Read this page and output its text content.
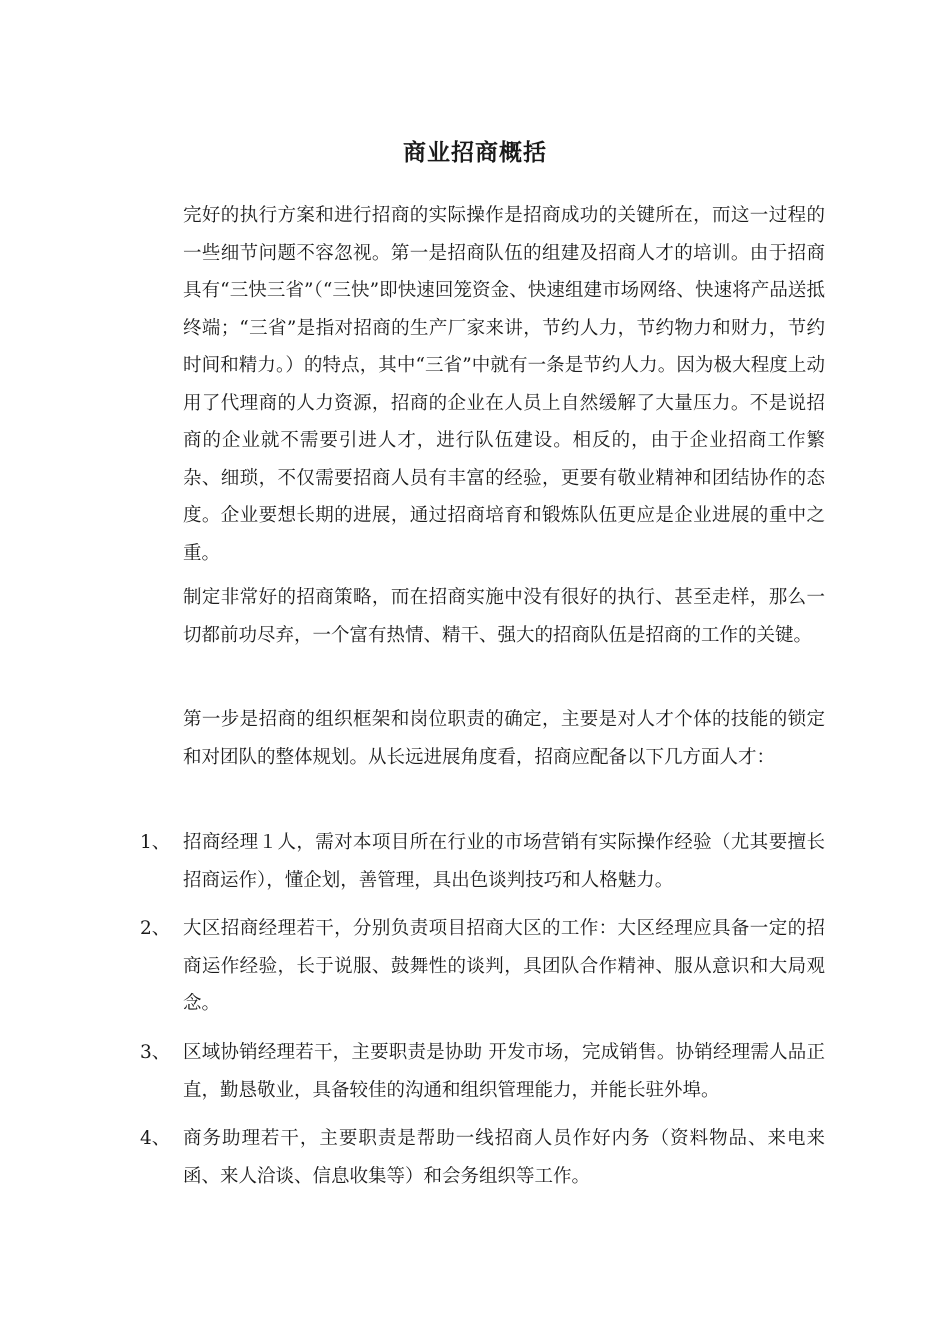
商业招商概括

完好的执行方案和进行招商的实际操作是招商成功的关键所在，而这一过程的一些细节问题不容忽视。第一是招商队伍的组建及招商人才的培训。由于招商具有“三快三省”（“三快”即快速回笼资金、快速组建市场网络、快速将产品送抵终端；“三省”是指对招商的生产厂家来讲，节约人力，节约物力和财力，节约时间和精力。）的特点，其中“三省”中就有一条是节约人力。因为极大程度上动用了代理商的人力资源，招商的企业在人员上自然缓解了大量压力。不是说招商的企业就不需要引进人才，进行队伍建设。相反的，由于企业招商工作繁杂、细琐，不仅需要招商人员有丰富的经验，更要有敬业精神和团结协作的态度。企业要想长期的进展，通过招商培育和锻炼队伍更应是企业进展的重中之重。

制定非常好的招商策略，而在招商实施中没有很好的执行、甚至走样，那么一切都前功尽弃，一个富有热情、精干、强大的招商队伍是招商的工作的关键。

第一步是招商的组织框架和岗位职责的确定，主要是对人才个体的技能的锁定和对团队的整体规划。从长远进展角度看，招商应配备以下几方面人才：

1、 招商经理１人，需对本项目所在行业的市场营销有实际操作经验（尤其要擅长招商运作），懂企划，善管理，具出色谈判技巧和人格魅力。

2、 大区招商经理若干，分别负责项目招商大区的工作：大区经理应具备一定的招商运作经验，长于说服、鼓舞性的谈判，具团队合作精神、服从意识和大局观念。

3、 区域协销经理若干，主要职责是协助 开发市场，完成销售。协销经理需人品正直，勤恳敬业，具备较佳的沟通和组织管理能力，并能长驻外埠。

4、 商务助理若干，主要职责是帮助一线招商人员作好内务（资料物品、来电来函、来人洽谈、信息收集等）和会务组织等工作。
